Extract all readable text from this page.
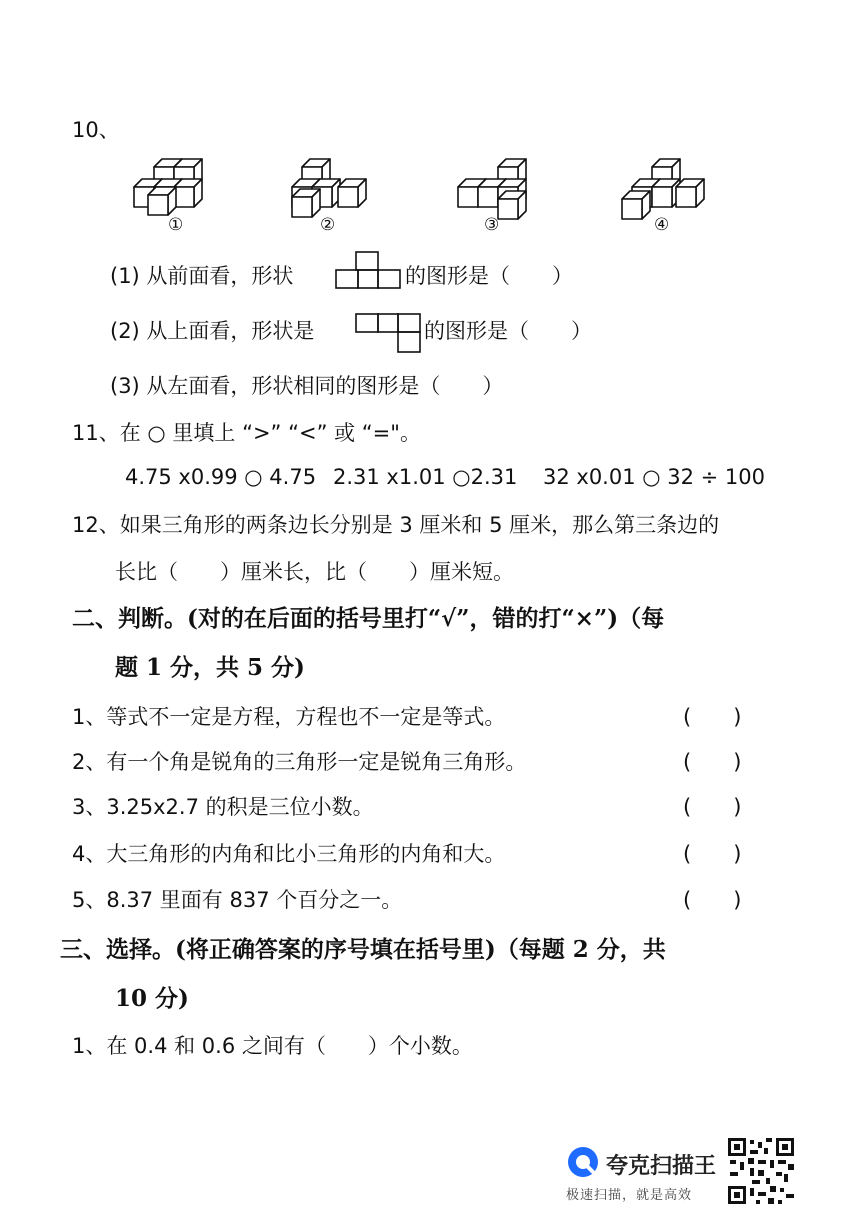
10、
①	②	③	④
(1) 从前面看，形状	的图形是（　　）
(2) 从上面看，形状是	的图形是（　　）
(3) 从左面看，形状相同的图形是（　　）
11、在 ○ 里填上 “>” “<” 或 “="。
4.75 x0.99 ○ 4.75 2.31 x1.01 ○2.31 32 x0.01 ○ 32 ÷ 100
12、如果三角形的两条边长分别是 3 厘米和 5 厘米，那么第三条边的
长比（　　）厘米长，比（　　）厘米短。
二、判断。(对的在后面的括号里打“√”，错的打“×”)（每
题 1 分，共 5 分)
1、等式不一定是方程，方程也不一定是等式。	(　　)
2、有一个角是锐角的三角形一定是锐角三角形。	(　　)
3、3.25x2.7 的积是三位小数。	(　　)
4、大三角形的内角和比小三角形的内角和大。	(　　)
5、8.37 里面有 837 个百分之一。	(　　)
三、选择。(将正确答案的序号填在括号里)（每题 2 分，共
10 分)
1、在 0.4 和 0.6 之间有（　　）个小数。
夸克扫描王
极速扫描，就是高效
